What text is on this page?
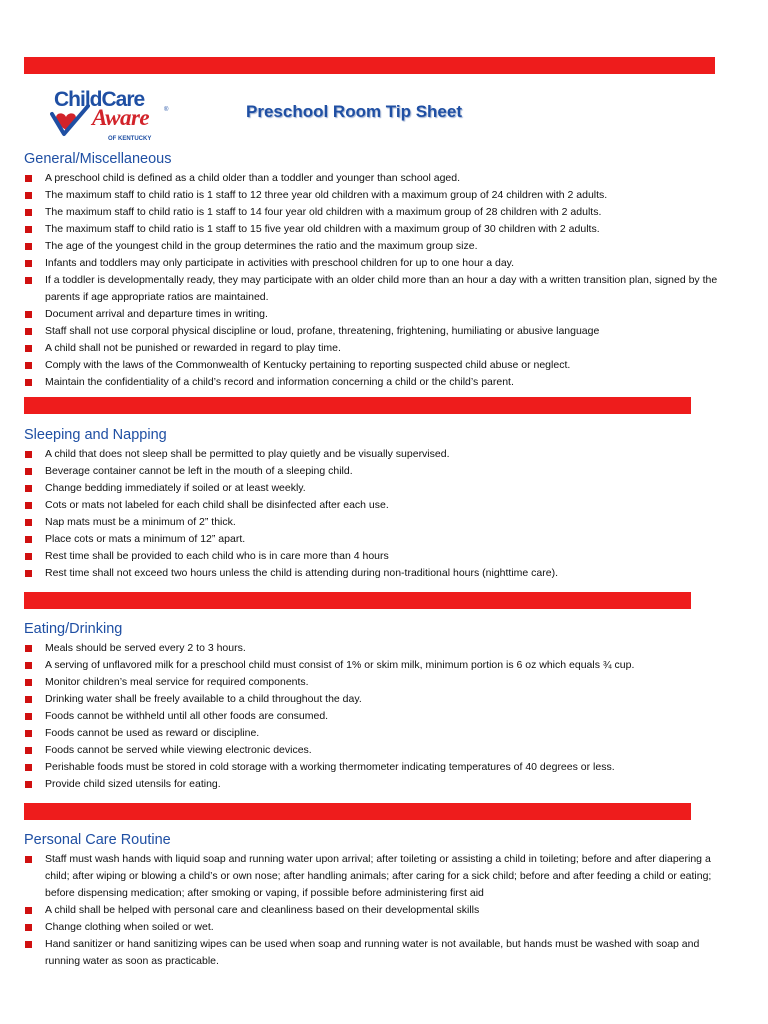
ChildCare
Aware ®
OF KENTUCKY
Preschool Room Tip Sheet
General/Miscellaneous
A preschool child is defined as a child older than a toddler and younger than school aged.
The maximum staff to child ratio is 1 staff to 12 three year old children with a maximum group of 24 children with 2 adults.
The maximum staff to child ratio is 1 staff to 14 four year old children with a maximum group of 28 children with 2 adults.
The maximum staff to child ratio is 1 staff to 15 five year old children with a maximum group of 30 children with 2 adults.
The age of the youngest child in the group determines the ratio and the maximum group size.
Infants and toddlers may only participate in activities with preschool children for up to one hour a day.
If a toddler is developmentally ready, they may participate with an older child more than an hour a day with a written transition plan, signed by the parents if age appropriate ratios are maintained.
Document arrival and departure times in writing.
Staff shall not use corporal physical discipline or loud, profane, threatening, frightening, humiliating or abusive language
A child shall not be punished or rewarded in regard to play time.
Comply with the laws of the Commonwealth of Kentucky pertaining to reporting suspected child abuse or neglect.
Maintain the confidentiality of a child’s record and information concerning a child or the child’s parent.
Sleeping and Napping
A child that does not sleep shall be permitted to play quietly and be visually supervised.
Beverage container cannot be left in the mouth of a sleeping child.
Change bedding immediately if soiled or at least weekly.
Cots or mats not labeled for each child shall be disinfected after each use.
Nap mats must be a minimum of 2” thick.
Place cots or mats a minimum of 12” apart.
Rest time shall be provided to each child who is in care more than 4 hours
Rest time shall not exceed two hours unless the child is attending during non-traditional hours (nighttime care).
Eating/Drinking
Meals should be served every 2 to 3 hours.
A serving of unflavored milk for a preschool child must consist of 1% or skim milk, minimum portion is 6 oz which equals ¾ cup.
Monitor children’s meal service for required components.
Drinking water shall be freely available to a child throughout the day.
Foods cannot be withheld until all other foods are consumed.
Foods cannot be used as reward or discipline.
Foods cannot be served while viewing electronic devices.
Perishable foods must be stored in cold storage with a working thermometer indicating temperatures of 40 degrees or less.
Provide child sized utensils for eating.
Personal Care Routine
Staff must wash hands with liquid soap and running water upon arrival; after toileting or assisting a child in toileting; before and after diapering a child; after wiping or blowing a child’s or own nose; after handling animals; after caring for a sick child; before and after feeding a child or eating; before dispensing medication; after smoking or vaping, if possible before administering first aid
A child shall be helped with personal care and cleanliness based on their developmental skills
Change clothing when soiled or wet.
Hand sanitizer or hand sanitizing wipes can be used when soap and running water is not available, but hands must be washed with soap and running water as soon as practicable.
